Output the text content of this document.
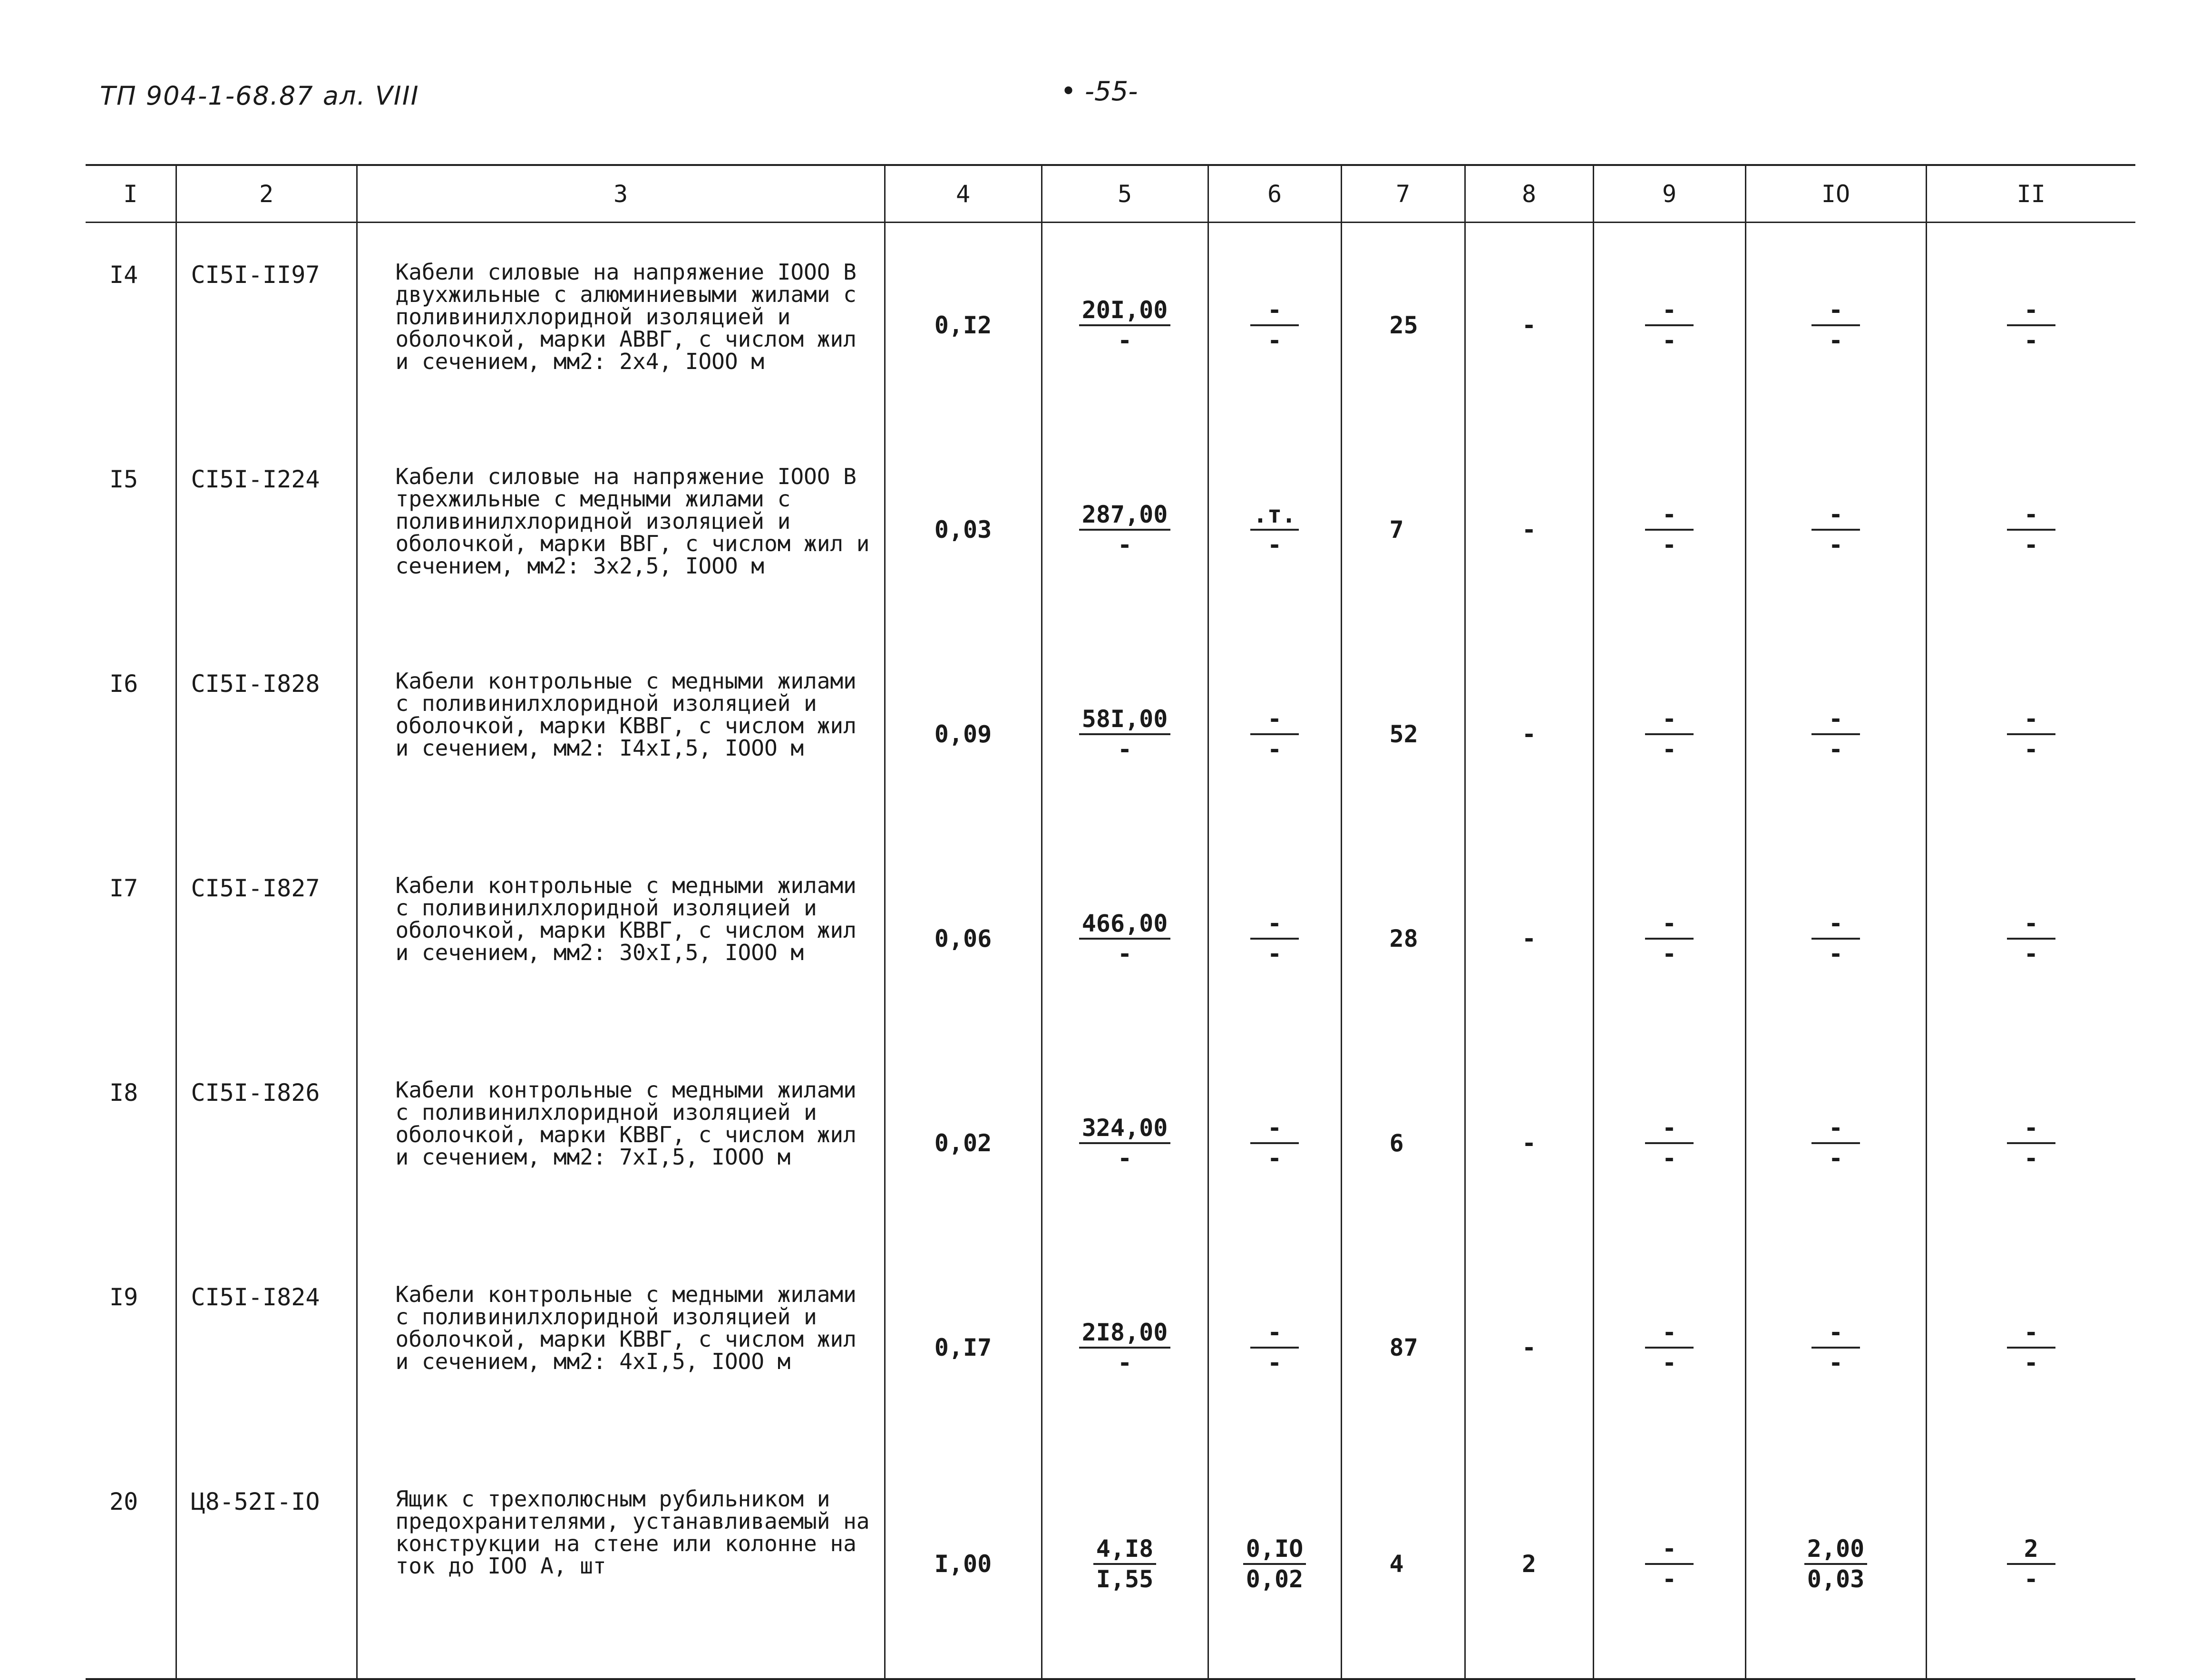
ТП 904-1-68.87 ал. VIII	• -55-
I	2	3	4	5	6	7	8	9	IO	II
I4	СI5I-II97	Кабели силовые на напряжение IООО В двухжильные с алюминиевыми жилами с поливинилхлоридной изоляцией и оболочкой, марки АВВГ, с числом жил и сечением, мм2: 2х4, IООО м	0,I2	$\frac{20I,00}{-}$	$\frac{-}{-}$	25	-	$\frac{-}{-}$	$\frac{-}{-}$	$\frac{-}{-}$

I5	СI5I-I224	Кабели силовые на напряжение IООО В трехжильные с медными жилами с поливинилхлоридной изоляцией и оболочкой, марки ВВГ, с числом жил и сечением, мм2: 3х2,5, IООО м	0,03	$\frac{287,00}{-}$	$\frac{.т.}{-}$	7	-	$\frac{-}{-}$	$\frac{-}{-}$	$\frac{-}{-}$

I6	СI5I-I828	Кабели контрольные с медными жилами с поливинилхлоридной изоляцией и оболочкой, марки КВВГ, с числом жил и сечением, мм2: I4хI,5, IООО м	0,09	$\frac{58I,00}{-}$	$\frac{-}{-}$	52	-	$\frac{-}{-}$	$\frac{-}{-}$	$\frac{-}{-}$

I7	СI5I-I827	Кабели контрольные с медными жилами с поливинилхлоридной изоляцией и оболочкой, марки КВВГ, с числом жил и сечением, мм2: 30хI,5, IООО м	0,06	$\frac{466,00}{-}$	$\frac{-}{-}$	28	-	$\frac{-}{-}$	$\frac{-}{-}$	$\frac{-}{-}$

I8	СI5I-I826	Кабели контрольные с медными жилами с поливинилхлоридной изоляцией и оболочкой, марки КВВГ, с числом жил и сечением, мм2: 7хI,5, IООО м	0,02	$\frac{324,00}{-}$	$\frac{-}{-}$	6	-	$\frac{-}{-}$	$\frac{-}{-}$	$\frac{-}{-}$

I9	СI5I-I824	Кабели контрольные с медными жилами с поливинилхлоридной изоляцией и оболочкой, марки КВВГ, с числом жил и сечением, мм2: 4хI,5, IООО м	0,I7	$\frac{2I8,00}{-}$	$\frac{-}{-}$	87	-	$\frac{-}{-}$	$\frac{-}{-}$	$\frac{-}{-}$

20	Ц8-52I-IO	Ящик с трехполюсным рубильником и предохранителями, устанавливаемый на конструкции на стене или колонне на ток до IОО А, шт	I,00	$\frac{4,I8}{I,55}$	$\frac{0,IO}{0,02}$	4	2	$\frac{-}{-}$	$\frac{2,00}{0,03}$	$\frac{2}{-}$
